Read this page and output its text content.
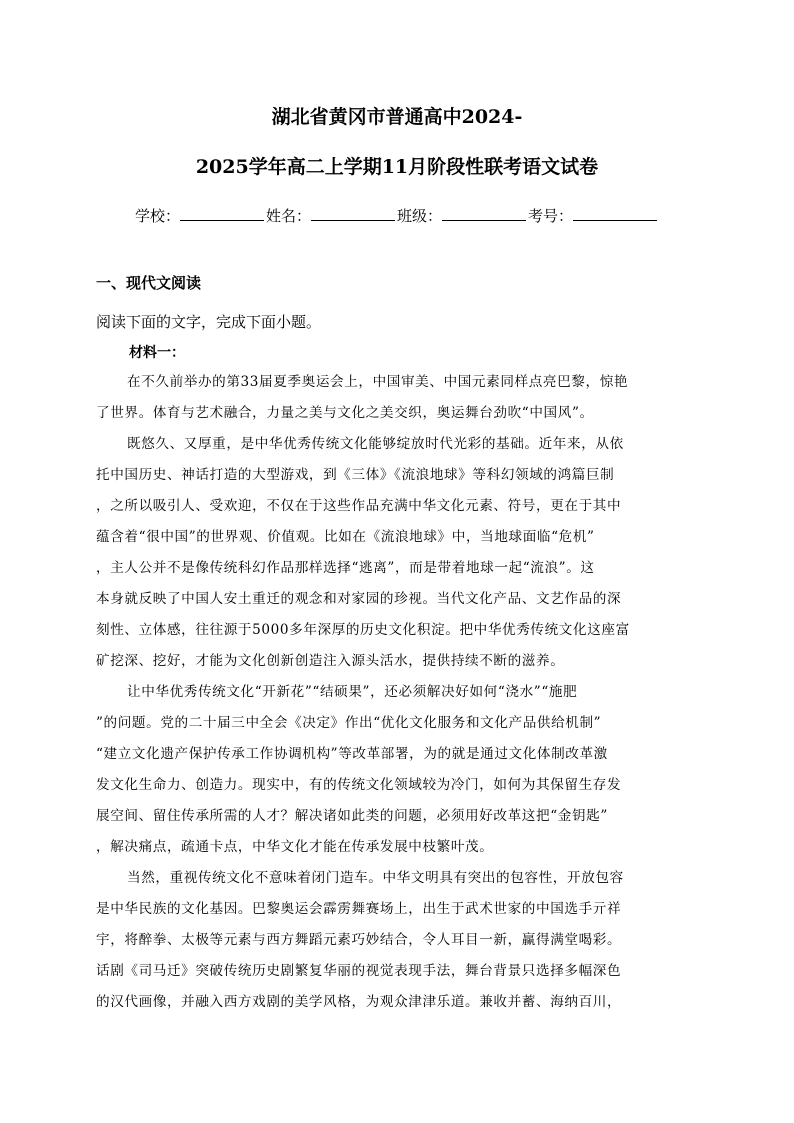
湖北省黄冈市普通高中2024-
2025学年高二上学期11月阶段性联考语文试卷
学校：	姓名：	班级：	考号：
一、现代文阅读
阅读下面的文字，完成下面小题。
材料一：
在不久前举办的第33届夏季奥运会上，中国审美、中国元素同样点亮巴黎，惊艳
了世界。体育与艺术融合，力量之美与文化之美交织，奥运舞台劲吹“中国风”。
既悠久、又厚重，是中华优秀传统文化能够绽放时代光彩的基础。近年来，从依
托中国历史、神话打造的大型游戏，到《三体》《流浪地球》等科幻领域的鸿篇巨制
，之所以吸引人、受欢迎，不仅在于这些作品充满中华文化元素、符号，更在于其中
蕴含着“很中国”的世界观、价值观。比如在《流浪地球》中，当地球面临“危机”
，主人公并不是像传统科幻作品那样选择“逃离”，而是带着地球一起“流浪”。这
本身就反映了中国人安土重迁的观念和对家园的珍视。当代文化产品、文艺作品的深
刻性、立体感，往往源于5000多年深厚的历史文化积淀。把中华优秀传统文化这座富
矿挖深、挖好，才能为文化创新创造注入源头活水，提供持续不断的滋养。
让中华优秀传统文化“开新花”“结硕果”，还必须解决好如何“浇水”“施肥
”的问题。党的二十届三中全会《决定》作出“优化文化服务和文化产品供给机制”
“建立文化遗产保护传承工作协调机构”等改革部署，为的就是通过文化体制改革激
发文化生命力、创造力。现实中，有的传统文化领域较为冷门，如何为其保留生存发
展空间、留住传承所需的人才？解决诸如此类的问题，必须用好改革这把“金钥匙”
，解决痛点，疏通卡点，中华文化才能在传承发展中枝繁叶茂。
当然，重视传统文化不意味着闭门造车。中华文明具有突出的包容性，开放包容
是中华民族的文化基因。巴黎奥运会霹雳舞赛场上，出生于武术世家的中国选手亓祥
宇，将醉拳、太极等元素与西方舞蹈元素巧妙结合，令人耳目一新，赢得满堂喝彩。
话剧《司马迁》突破传统历史剧繁复华丽的视觉表现手法，舞台背景只选择多幅深色
的汉代画像，并融入西方戏剧的美学风格，为观众津津乐道。兼收并蓄、海纳百川，
